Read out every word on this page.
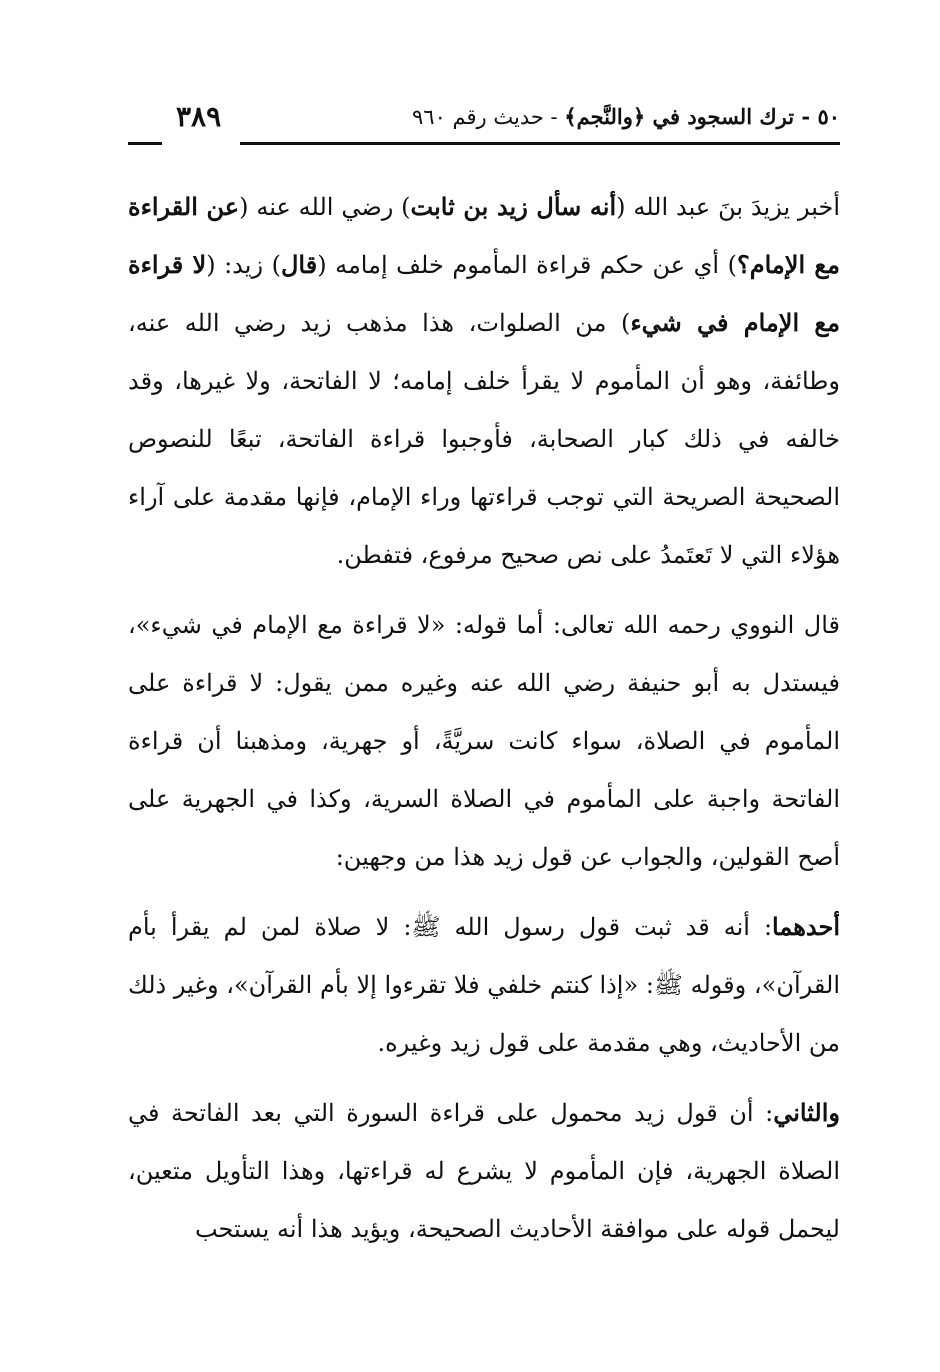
٥٠ - ترك السجود في ﴿والنَّجم﴾ - حديث رقم ٩٦٠
٣٨٩

أخبر يزيدَ بنَ عبد الله (أنه سأل زيد بن ثابت) رضي الله عنه (عن القراءة مع الإمام؟) أي عن حكم قراءة المأموم خلف إمامه (قال) زيد: (لا قراءة مع الإمام في شيء) من الصلوات، هذا مذهب زيد رضي الله عنه، وطائفة، وهو أن المأموم لا يقرأ خلف إمامه؛ لا الفاتحة، ولا غيرها، وقد خالفه في ذلك كبار الصحابة، فأوجبوا قراءة الفاتحة، تبعًا للنصوص الصحيحة الصريحة التي توجب قراءتها وراء الإمام، فإنها مقدمة على آراء هؤلاء التي لا تَعتَمدُ على نص صحيح مرفوع، فتفطن.

قال النووي رحمه الله تعالى: أما قوله: «لا قراءة مع الإمام في شيء»، فيستدل به أبو حنيفة رضي الله عنه وغيره ممن يقول: لا قراءة على المأموم في الصلاة، سواء كانت سريَّةً، أو جهرية، ومذهبنا أن قراءة الفاتحة واجبة على المأموم في الصلاة السرية، وكذا في الجهرية على أصح القولين، والجواب عن قول زيد هذا من وجهين:

أحدهما: أنه قد ثبت قول رسول الله ﷺ: لا صلاة لمن لم يقرأ بأم القرآن»، وقوله ﷺ: «إذا كنتم خلفي فلا تقرءوا إلا بأم القرآن»، وغير ذلك من الأحاديث، وهي مقدمة على قول زيد وغيره.

والثاني: أن قول زيد محمول على قراءة السورة التي بعد الفاتحة في الصلاة الجهرية، فإن المأموم لا يشرع له قراءتها، وهذا التأويل متعين، ليحمل قوله على موافقة الأحاديث الصحيحة، ويؤيد هذا أنه يستحب
